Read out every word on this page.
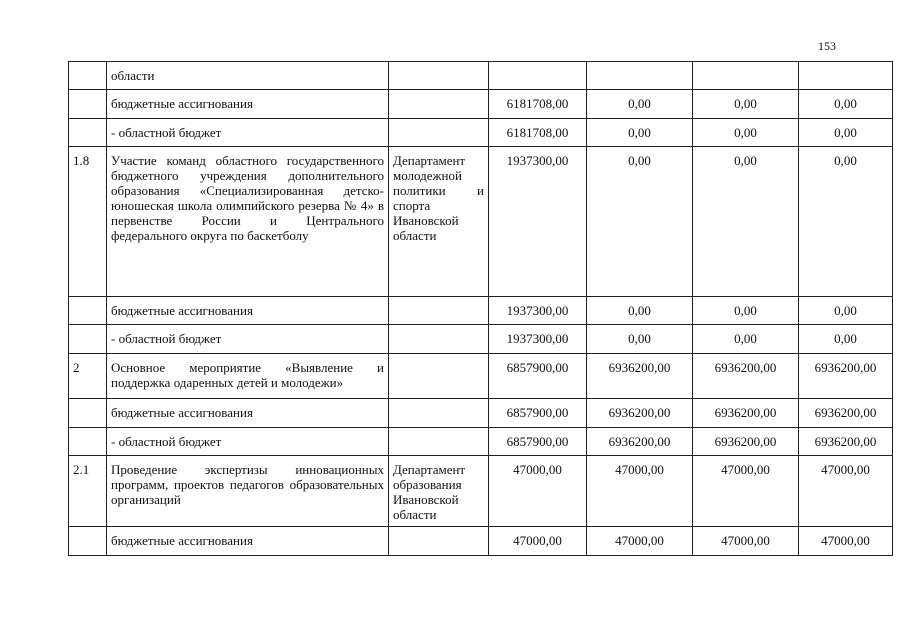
153
	области					
	бюджетные ассигнования		6181708,00	0,00	0,00	0,00
	- областной бюджет		6181708,00	0,00	0,00	0,00
1.8	Участие команд областного государственного бюджетного учреждения дополнительного образования «Специализированная детско-юношеская школа олимпийского резерва № 4» в первенстве России и Центрального федерального округа по баскетболу	Департамент молодежной политики и спорта Ивановской области	1937300,00	0,00	0,00	0,00
	бюджетные ассигнования		1937300,00	0,00	0,00	0,00
	- областной бюджет		1937300,00	0,00	0,00	0,00
2	Основное мероприятие «Выявление и поддержка одаренных детей и молодежи»		6857900,00	6936200,00	6936200,00	6936200,00
	бюджетные ассигнования		6857900,00	6936200,00	6936200,00	6936200,00
	- областной бюджет		6857900,00	6936200,00	6936200,00	6936200,00
2.1	Проведение экспертизы инновационных программ, проектов педагогов образовательных организаций	Департамент образования Ивановской области	47000,00	47000,00	47000,00	47000,00
	бюджетные ассигнования		47000,00	47000,00	47000,00	47000,00
